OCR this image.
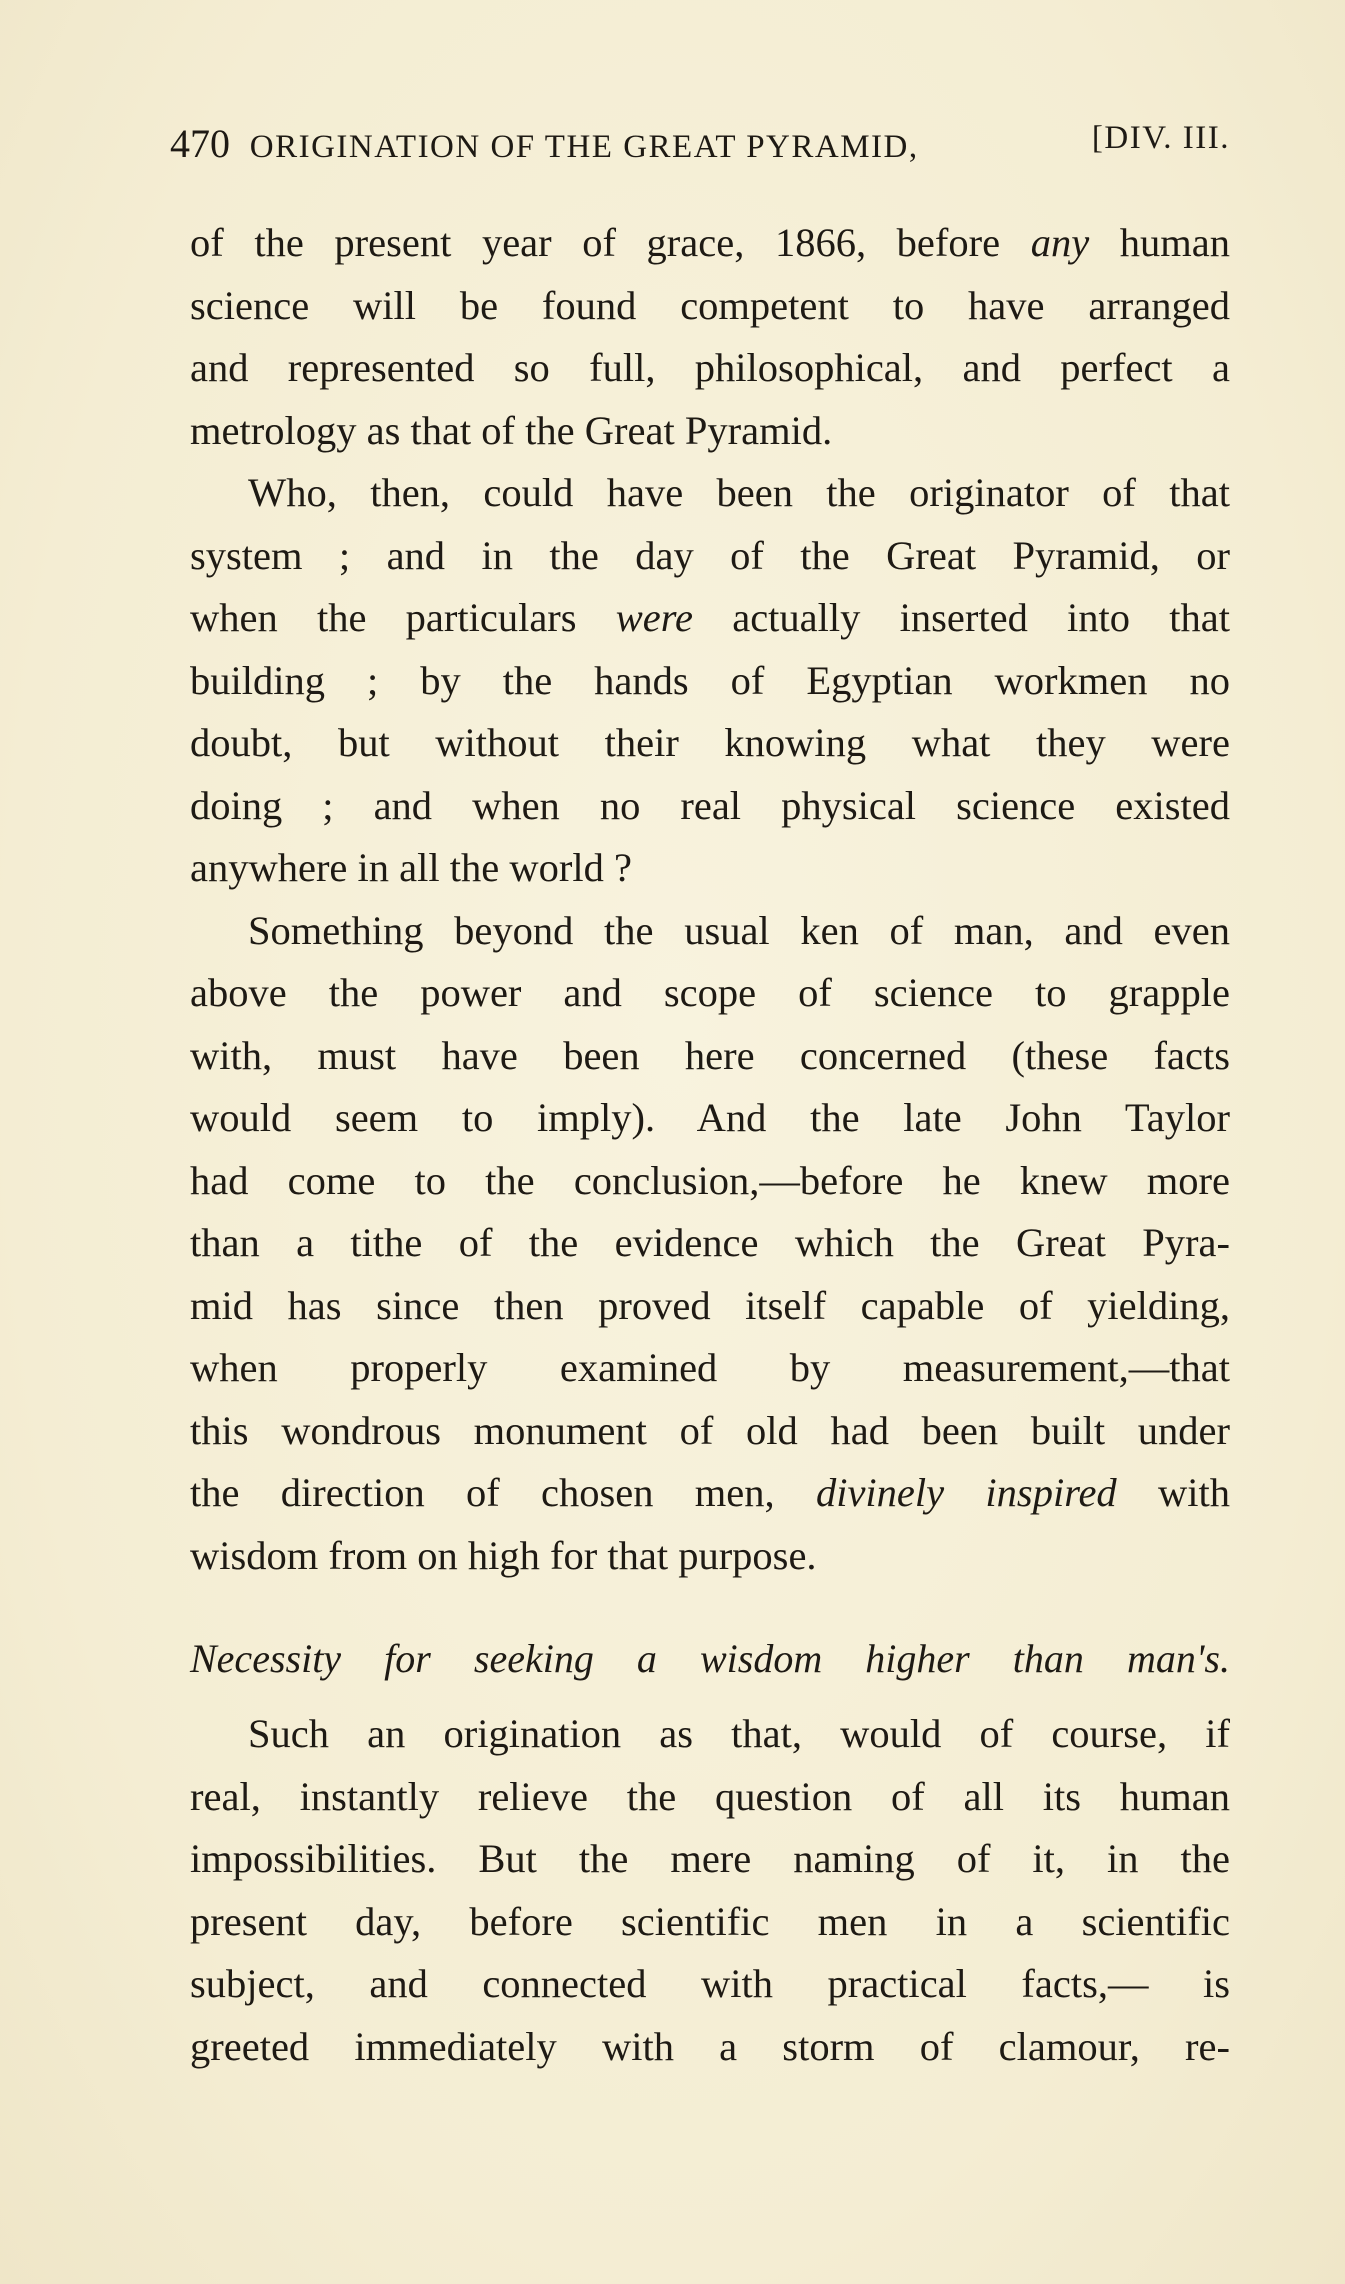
470 ORIGINATION OF THE GREAT PYRAMID,	[DIV. III.
of the present year of grace, 1866, before any human
science will be found competent to have arranged
and represented so full, philosophical, and perfect a
metrology as that of the Great Pyramid.
Who, then, could have been the originator of that
system ; and in the day of the Great Pyramid, or
when the particulars were actually inserted into that
building ; by the hands of Egyptian workmen no
doubt, but without their knowing what they were
doing ; and when no real physical science existed
anywhere in all the world ?
Something beyond the usual ken of man, and even
above the power and scope of science to grapple
with, must have been here concerned (these facts
would seem to imply). And the late John Taylor
had come to the conclusion,—before he knew more
than a tithe of the evidence which the Great Pyra-
mid has since then proved itself capable of yielding,
when properly examined by measurement,—that
this wondrous monument of old had been built under
the direction of chosen men, divinely inspired with
wisdom from on high for that purpose.
Necessity for seeking a wisdom higher than man's.
Such an origination as that, would of course, if
real, instantly relieve the question of all its human
impossibilities. But the mere naming of it, in the
present day, before scientific men in a scientific
subject, and connected with practical facts,— is
greeted immediately with a storm of clamour, re-
